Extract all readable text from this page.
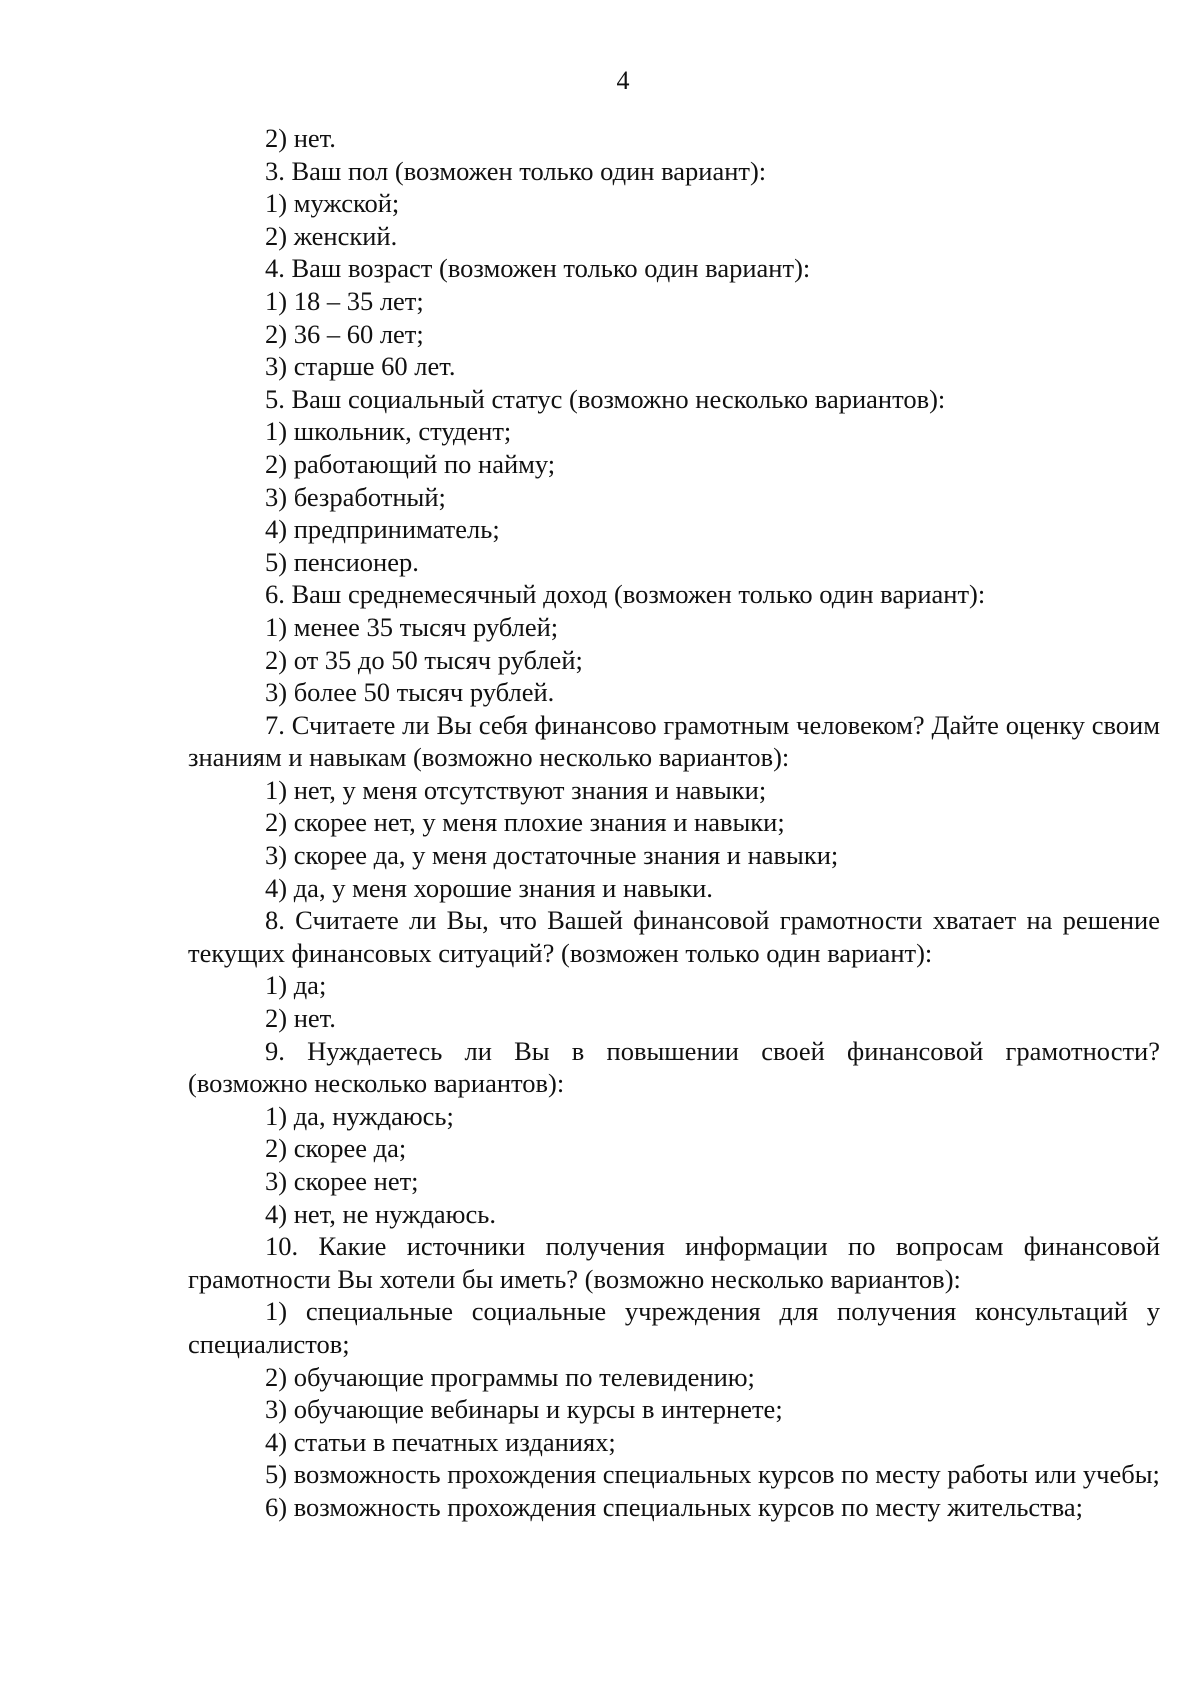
4
2) нет.
3. Ваш пол (возможен только один вариант):
1) мужской;
2) женский.
4. Ваш возраст (возможен только один вариант):
1) 18 – 35 лет;
2) 36 – 60 лет;
3) старше 60 лет.
5. Ваш социальный статус (возможно несколько вариантов):
1) школьник, студент;
2) работающий по найму;
3) безработный;
4) предприниматель;
5) пенсионер.
6. Ваш среднемесячный доход (возможен только один вариант):
1) менее 35 тысяч рублей;
2) от 35 до 50 тысяч рублей;
3) более 50 тысяч рублей.
7. Считаете ли Вы себя финансово грамотным человеком? Дайте оценку своим знаниям и навыкам (возможно несколько вариантов):
1) нет, у меня отсутствуют знания и навыки;
2) скорее нет, у меня плохие знания и навыки;
3) скорее да, у меня достаточные знания и навыки;
4) да, у меня хорошие знания и навыки.
8. Считаете ли Вы, что Вашей финансовой грамотности хватает на решение текущих финансовых ситуаций? (возможен только один вариант):
1) да;
2) нет.
9. Нуждаетесь ли Вы в повышении своей финансовой грамотности? (возможно несколько вариантов):
1) да, нуждаюсь;
2) скорее да;
3) скорее нет;
4) нет, не нуждаюсь.
10. Какие источники получения информации по вопросам финансовой грамотности Вы хотели бы иметь? (возможно несколько вариантов):
1) специальные социальные учреждения для получения консультаций у специалистов;
2) обучающие программы по телевидению;
3) обучающие вебинары и курсы в интернете;
4) статьи в печатных изданиях;
5) возможность прохождения специальных курсов по месту работы или учебы;
6) возможность прохождения специальных курсов по месту жительства;
